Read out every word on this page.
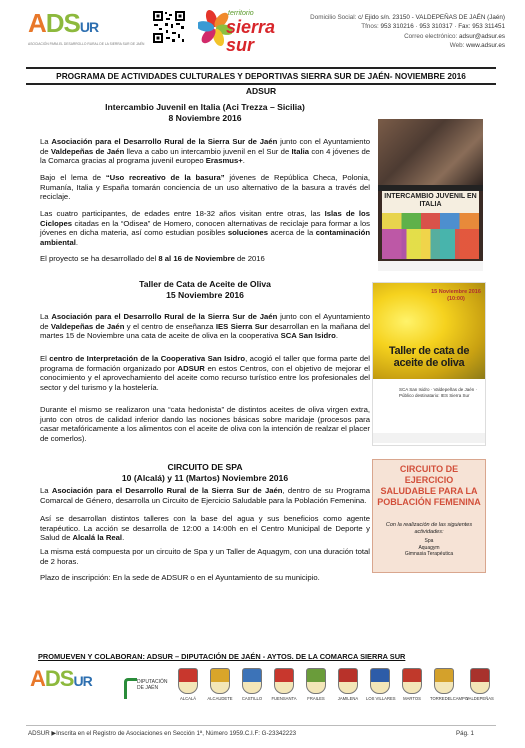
ADSUR
ASOCIACIÓN PARA EL DESARROLLO RURAL DE LA SIERRA SUR DE JAÉN
territorio
sierra sur
Domicilio Social: c/ Ejido s/n. 23150 - VALDEPEÑAS DE JAÉN (Jaén)
Tfnos: 953 310216 · 953 310317 · Fax: 953 311451
Correo electrónico: adsur@adsur.es
Web: www.adsur.es
PROGRAMA DE ACTIVIDADES CULTURALES Y DEPORTIVAS SIERRA SUR DE JAÉN- NOVIEMBRE 2016
ADSUR
Intercambio Juvenil en Italia (Aci Trezza – Sicilia)
8 Noviembre 2016

La Asociación para el Desarrollo Rural de la Sierra Sur de Jaén junto con el Ayuntamiento de Valdepeñas de Jaén lleva a cabo un intercambio juvenil en el Sur de Italia con 4 jóvenes de la Comarca gracias al programa juvenil europeo Erasmus+.

Bajo el lema de “Uso recreativo de la basura” jóvenes de República Checa, Polonia, Rumanía, Italia y España tomarán conciencia de un uso alternativo de la basura a través del reciclaje.

Las cuatro participantes, de edades entre 18-32 años visitan entre otras, las Islas de los Ciclopes citadas en la “Odisea” de Homero, conocen alternativas de reciclaje para formar a los jóvenes en dicha materia, así como estudian posibles soluciones acerca de la contaminación ambiental.

El proyecto se ha desarrollado del 8 al 16 de Noviembre de 2016

Taller de Cata de Aceite de Oliva
15 Noviembre 2016

La Asociación para el Desarrollo Rural de la Sierra Sur de Jaén junto con el Ayuntamiento de Valdepeñas de Jaén y el centro de enseñanza IES Sierra Sur desarrollan en la mañana del martes 15 de Noviembre una cata de aceite de oliva en la cooperativa SCA San Isidro.

El centro de Interpretación de la Cooperativa San Isidro, acogió el taller que forma parte del programa de formación organizado por ADSUR en estos Centros, con el objetivo de mejorar el conocimiento y el aprovechamiento del aceite como recurso turístico entre los profesionales del sector y del turismo y la hostelería.

Durante el mismo se realizaron una “cata hedonista” de distintos aceites de oliva virgen extra, junto con otros de calidad inferior dando las nociones básicas sobre maridaje (procesos para casar metafóricamente a los alimentos con el aceite de oliva con la intención de realzar el placer de comerlos).

CIRCUITO DE SPA
10 (Alcalá) y 11 (Martos) Noviembre 2016

La Asociación para el Desarrollo Rural de la Sierra Sur de Jaén, dentro de su Programa Comarcal de Género, desarrolla un Circuito de Ejercicio Saludable para la Población Femenina.

Así se desarrollan distintos talleres con la base del agua y sus beneficios como agente terapéutico. La acción se desarrolla de 12:00 a 14:00h en el Centro Municipal de Deporte y Salud de Alcalá la Real.

La misma está compuesta por un circuito de Spa y un Taller de Aquagym, con una duración total de 2 horas.

Plazo de inscripción: En la sede de ADSUR o en el Ayuntamiento de su municipio.

INTERCAMBIO JUVENIL EN ITALIA
15 Noviembre 2016 (10:00)
Taller de cata de aceite de oliva
SCA San Isidro · Valdepeñas de Jaén · Público destinatario: IES Sierra Sur
CIRCUITO DE EJERCICIO SALUDABLE PARA LA POBLACIÓN FEMENINA
Con la realización de las siguientes actividades:
Spa
Aquagym
Gimnasia Terapéutica
PROMUEVEN Y COLABORAN: ADSUR – DIPUTACIÓN DE JAÉN - AYTOS. DE LA COMARCA SIERRA SUR
ADSUR	DIPUTACIÓN DE JAÉN
ALCALÁ	ALCAUDETE	CASTILLO	FUENSANTA	FRAILES	JAMILENA	LOS VILLARES	MARTOS	TORREDELCAMPO
VALDEPEÑAS
ADSUR ▶Inscrita en el Registro de Asociaciones en Sección 1ª, Número 1959.C.I.F: G-23342223	Pág. 1
